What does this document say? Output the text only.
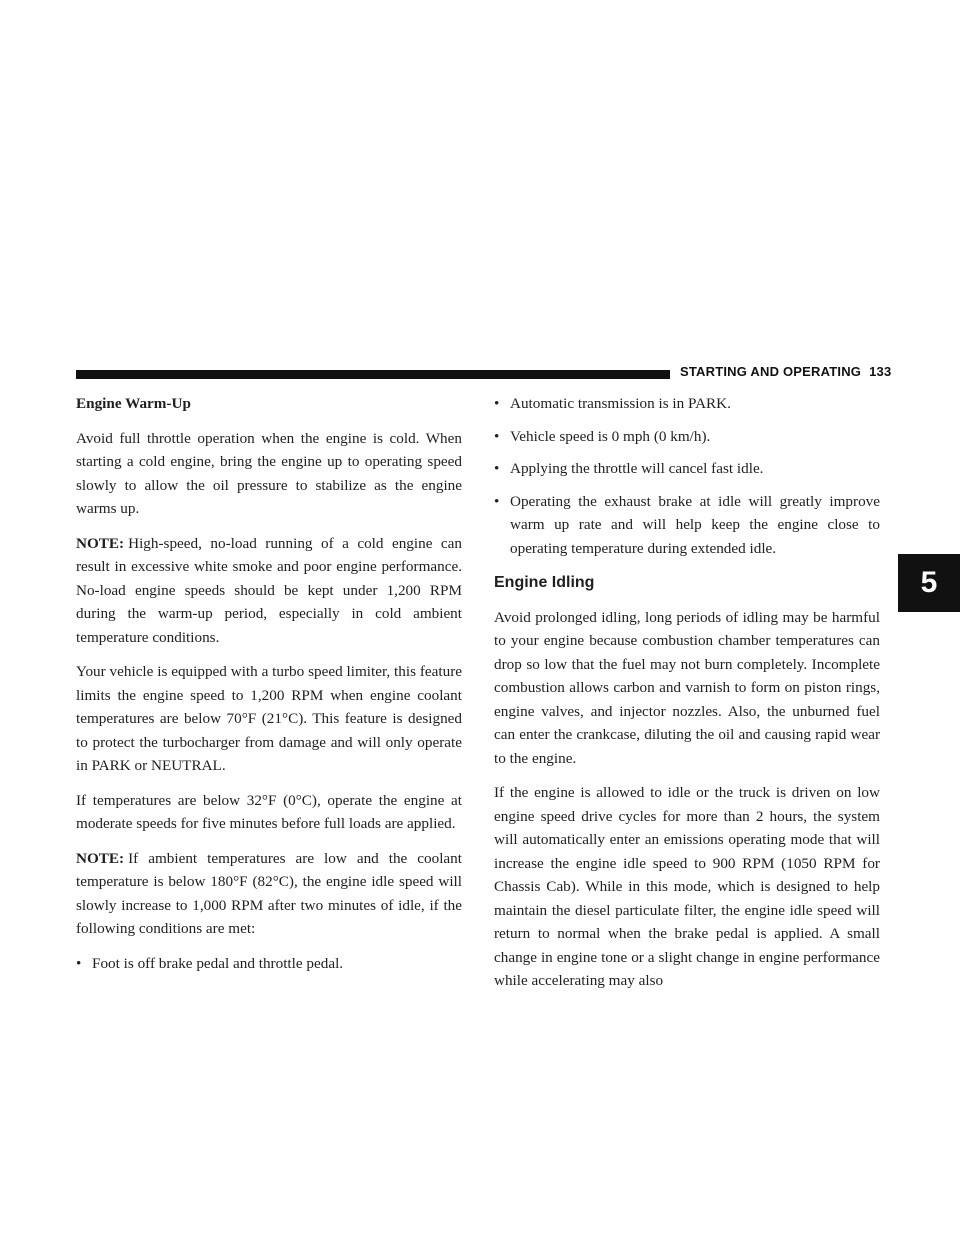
STARTING AND OPERATING 133
5

Engine Warm-Up

Avoid full throttle operation when the engine is cold. When starting a cold engine, bring the engine up to operating speed slowly to allow the oil pressure to stabilize as the engine warms up.

NOTE: High-speed, no-load running of a cold engine can result in excessive white smoke and poor engine performance. No-load engine speeds should be kept under 1,200 RPM during the warm-up period, especially in cold ambient temperature conditions.

Your vehicle is equipped with a turbo speed limiter, this feature limits the engine speed to 1,200 RPM when engine coolant temperatures are below 70°F (21°C). This feature is designed to protect the turbocharger from damage and will only operate in PARK or NEUTRAL.

If temperatures are below 32°F (0°C), operate the engine at moderate speeds for five minutes before full loads are applied.

NOTE: If ambient temperatures are low and the coolant temperature is below 180°F (82°C), the engine idle speed will slowly increase to 1,000 RPM after two minutes of idle, if the following conditions are met:

• Foot is off brake pedal and throttle pedal.
• Automatic transmission is in PARK.
• Vehicle speed is 0 mph (0 km/h).
• Applying the throttle will cancel fast idle.
• Operating the exhaust brake at idle will greatly improve warm up rate and will help keep the engine close to operating temperature during extended idle.

Engine Idling

Avoid prolonged idling, long periods of idling may be harmful to your engine because combustion chamber temperatures can drop so low that the fuel may not burn completely. Incomplete combustion allows carbon and varnish to form on piston rings, engine valves, and injector nozzles. Also, the unburned fuel can enter the crankcase, diluting the oil and causing rapid wear to the engine.

If the engine is allowed to idle or the truck is driven on low engine speed drive cycles for more than 2 hours, the system will automatically enter an emissions operating mode that will increase the engine idle speed to 900 RPM (1050 RPM for Chassis Cab). While in this mode, which is designed to help maintain the diesel particulate filter, the engine idle speed will return to normal when the brake pedal is applied. A small change in engine tone or a slight change in engine performance while accelerating may also
